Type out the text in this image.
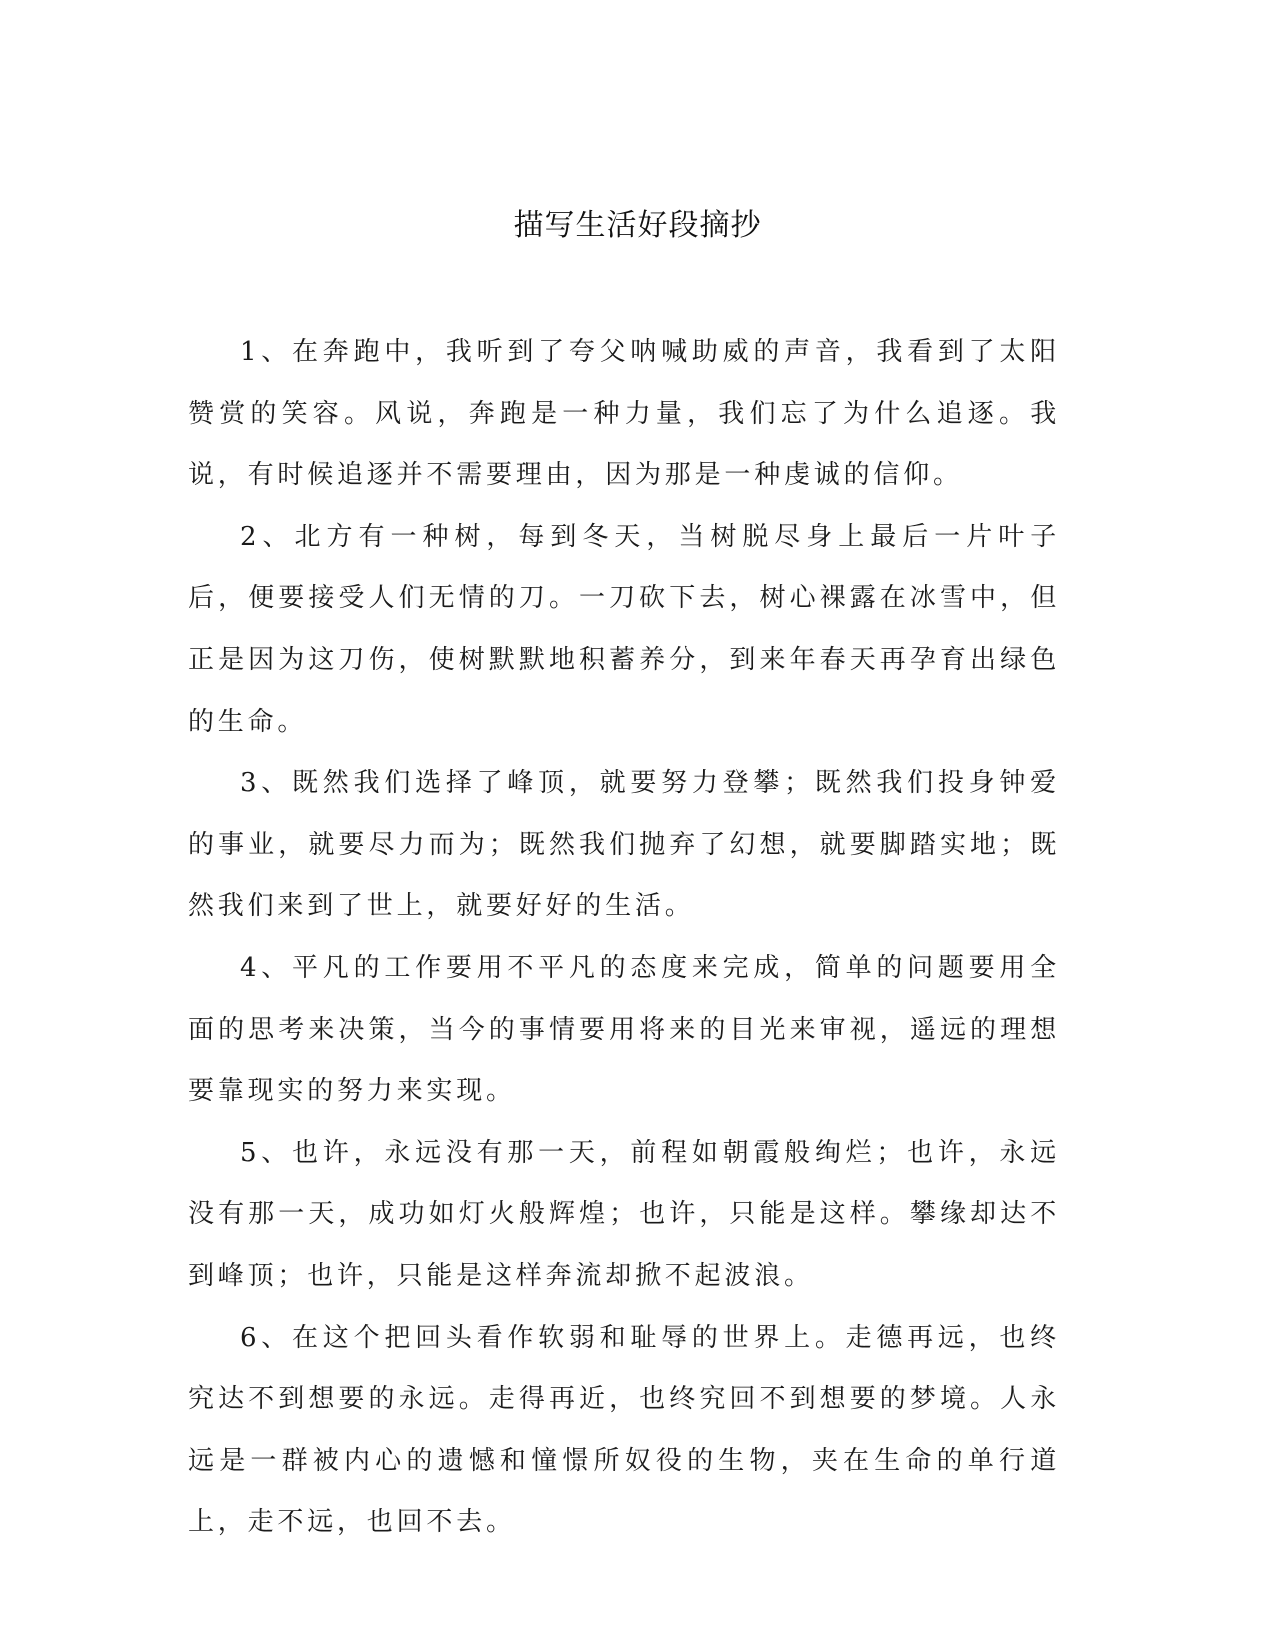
描写生活好段摘抄

1、在奔跑中，我听到了夸父呐喊助威的声音，我看到了太阳赞赏的笑容。风说，奔跑是一种力量，我们忘了为什么追逐。我说，有时候追逐并不需要理由，因为那是一种虔诚的信仰。

2、北方有一种树，每到冬天，当树脱尽身上最后一片叶子后，便要接受人们无情的刀。一刀砍下去，树心裸露在冰雪中，但正是因为这刀伤，使树默默地积蓄养分，到来年春天再孕育出绿色的生命。

3、既然我们选择了峰顶，就要努力登攀；既然我们投身钟爱的事业，就要尽力而为；既然我们抛弃了幻想，就要脚踏实地；既然我们来到了世上，就要好好的生活。

4、平凡的工作要用不平凡的态度来完成，简单的问题要用全面的思考来决策，当今的事情要用将来的目光来审视，遥远的理想要靠现实的努力来实现。

5、也许，永远没有那一天，前程如朝霞般绚烂；也许，永远没有那一天，成功如灯火般辉煌；也许，只能是这样。攀缘却达不到峰顶；也许，只能是这样奔流却掀不起波浪。

6、在这个把回头看作软弱和耻辱的世界上。走德再远，也终究达不到想要的永远。走得再近，也终究回不到想要的梦境。人永远是一群被内心的遗憾和憧憬所奴役的生物，夹在生命的单行道上，走不远，也回不去。
